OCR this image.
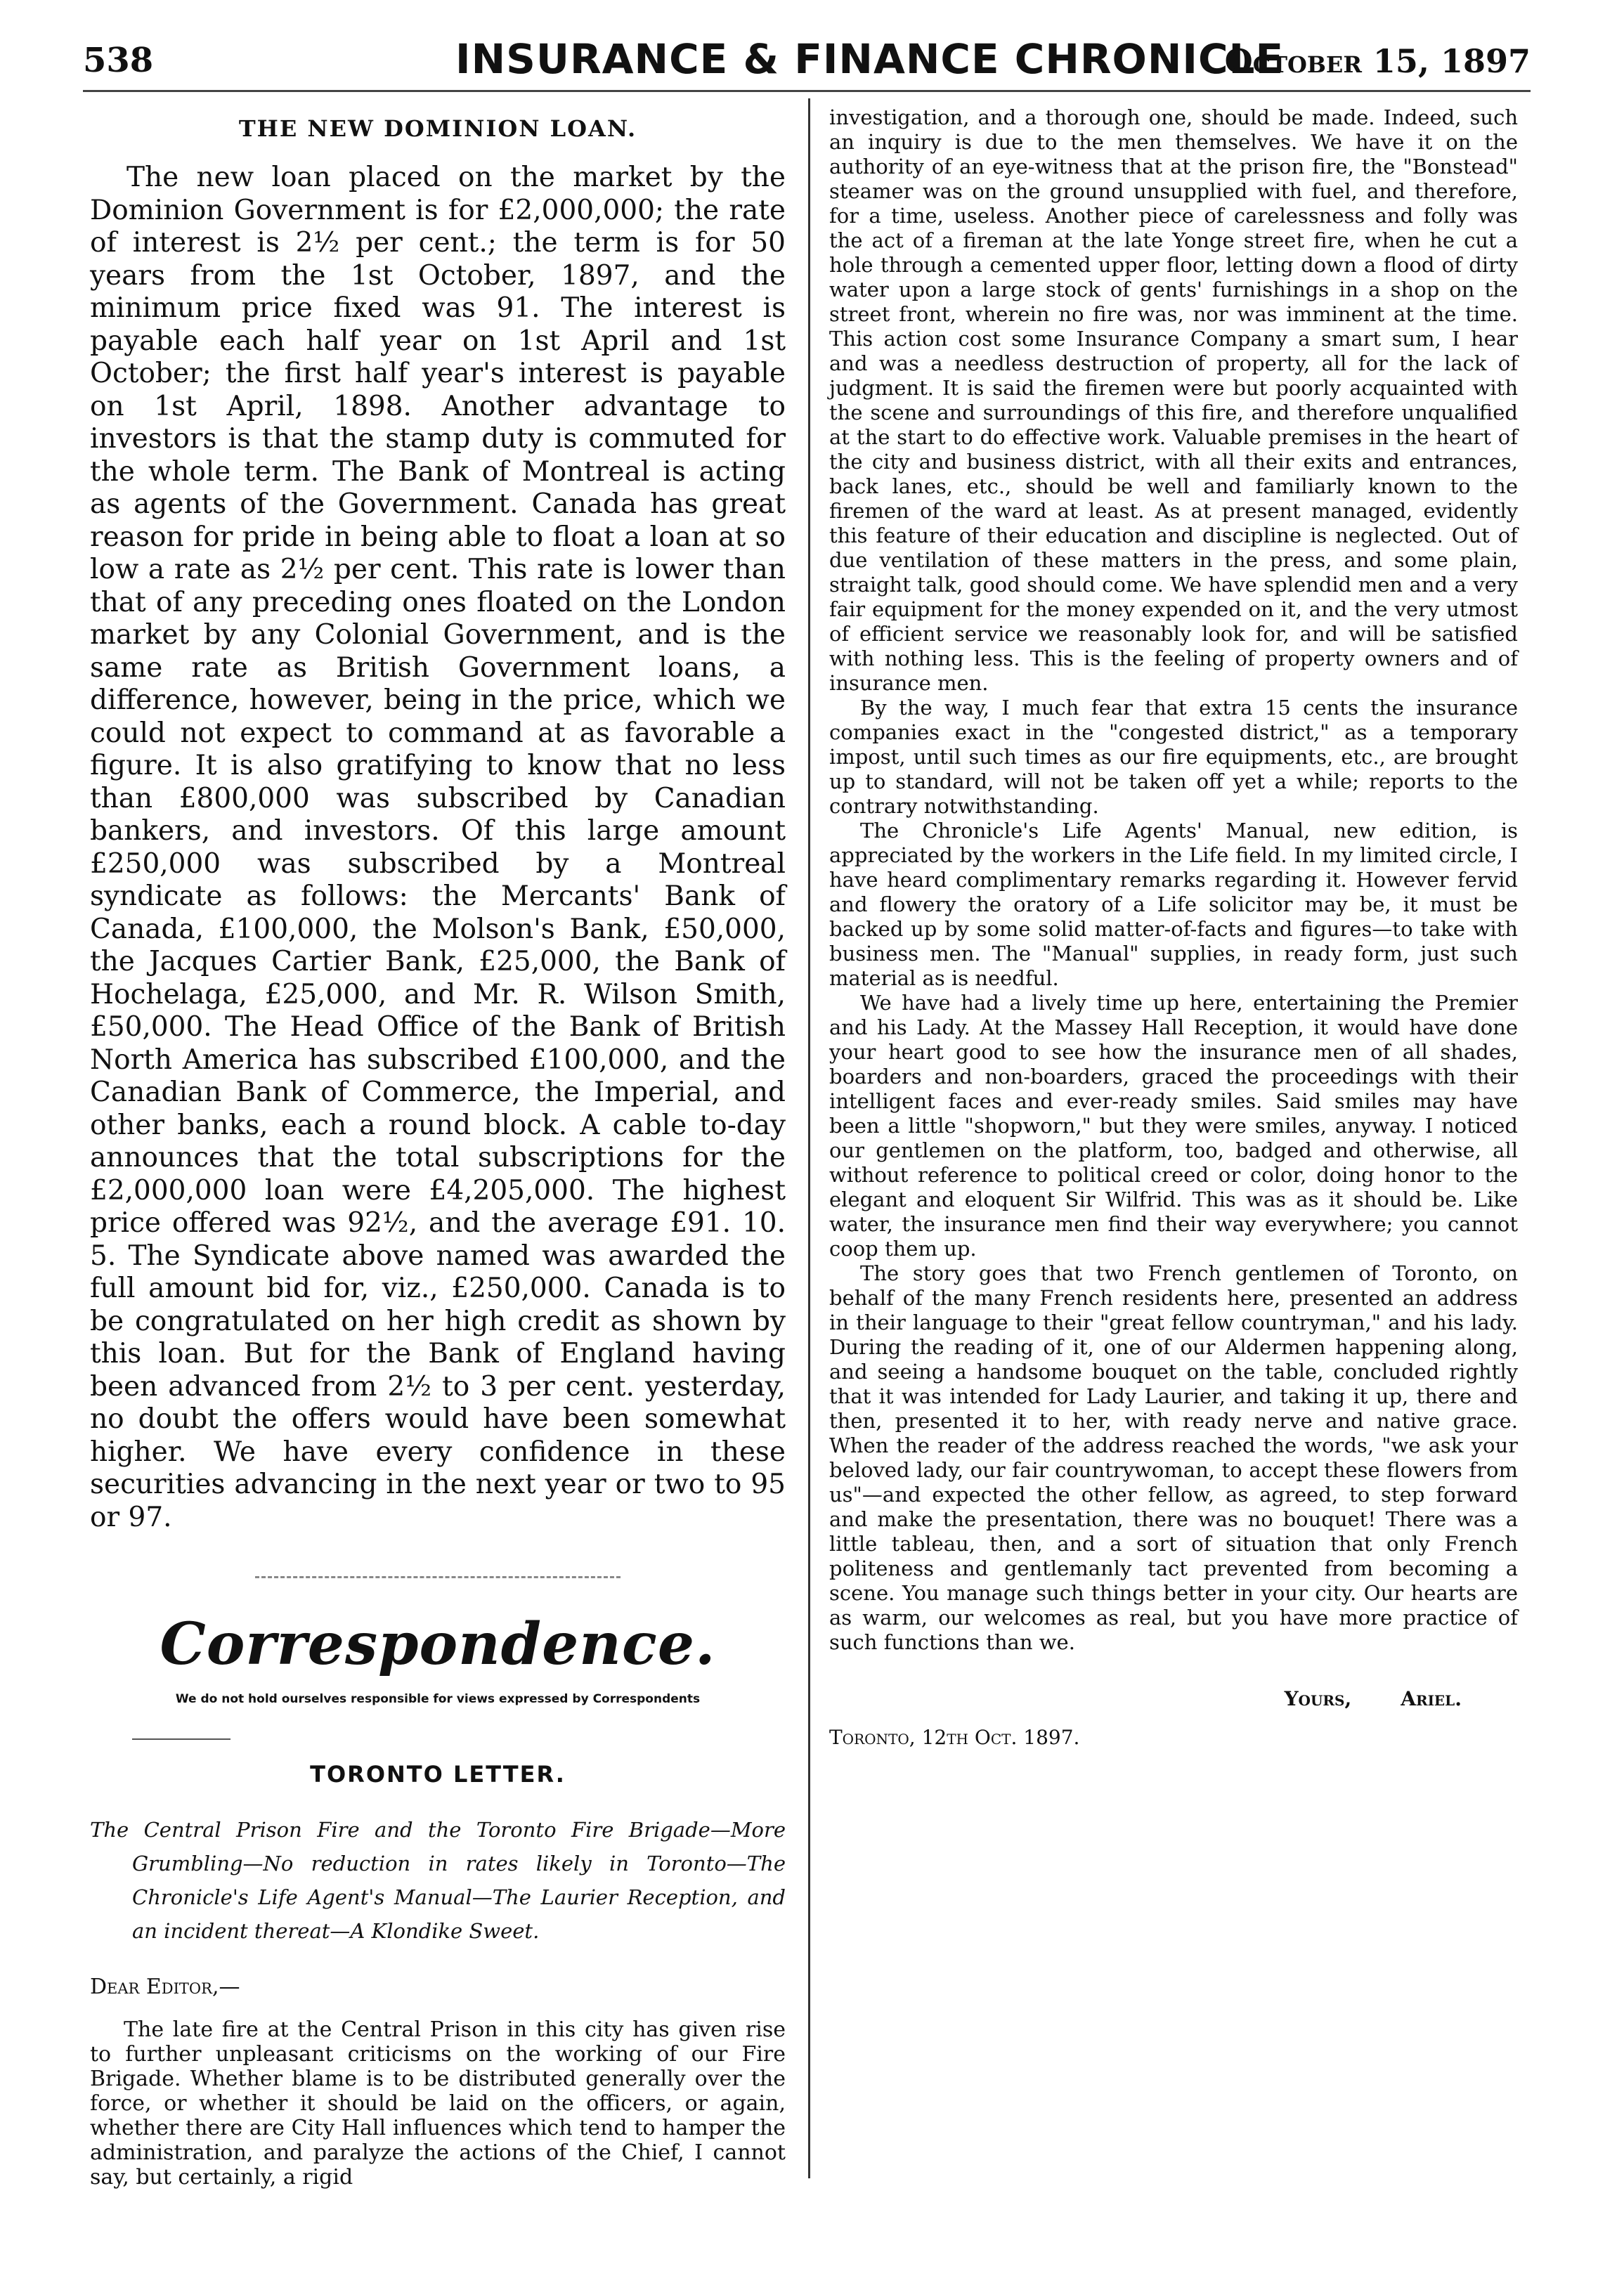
538	INSURANCE & FINANCE CHRONICLE
October 15, 1897
THE NEW DOMINION LOAN.

The new loan placed on the market by the Dominion Government is for £2,000,000; the rate of interest is 2½ per cent.; the term is for 50 years from the 1st October, 1897, and the minimum price fixed was 91. The interest is payable each half year on 1st April and 1st October; the first half year's interest is payable on 1st April, 1898. Another advantage to investors is that the stamp duty is commuted for the whole term. The Bank of Montreal is acting as agents of the Government. Canada has great reason for pride in being able to float a loan at so low a rate as 2½ per cent. This rate is lower than that of any preceding ones floated on the London market by any Colonial Government, and is the same rate as British Government loans, a difference, however, being in the price, which we could not expect to command at as favorable a figure. It is also gratifying to know that no less than £800,000 was subscribed by Canadian bankers, and investors. Of this large amount £250,000 was subscribed by a Montreal syndicate as follows: the Mercants' Bank of Canada, £100,000, the Molson's Bank, £50,000, the Jacques Cartier Bank, £25,000, the Bank of Hochelaga, £25,000, and Mr. R. Wilson Smith, £50,000. The Head Office of the Bank of British North America has subscribed £100,000, and the Canadian Bank of Commerce, the Imperial, and other banks, each a round block. A cable to-day announces that the total subscriptions for the £2,000,000 loan were £4,205,000. The highest price offered was 92½, and the average £91. 10. 5. The Syndicate above named was awarded the full amount bid for, viz., £250,000. Canada is to be congratulated on her high credit as shown by this loan. But for the Bank of England having been advanced from 2½ to 3 per cent. yesterday, no doubt the offers would have been somewhat higher. We have every confidence in these securities advancing in the next year or two to 95 or 97.

Correspondence.
We do not hold ourselves responsible for views expressed by Correspondents
TORONTO LETTER.

The Central Prison Fire and the Toronto Fire Brigade—More Grumbling—No reduction in rates likely in Toronto—The Chronicle's Life Agent's Manual—The Laurier Reception, and an incident thereat—A Klondike Sweet.

Dear Editor,—

The late fire at the Central Prison in this city has given rise to further unpleasant criticisms on the working of our Fire Brigade. Whether blame is to be distributed generally over the force, or whether it should be laid on the officers, or again, whether there are City Hall influences which tend to hamper the administration, and paralyze the actions of the Chief, I cannot say, but certainly, a rigid

investigation, and a thorough one, should be made. Indeed, such an inquiry is due to the men themselves. We have it on the authority of an eye-witness that at the prison fire, the "Bonstead" steamer was on the ground unsupplied with fuel, and therefore, for a time, useless. Another piece of carelessness and folly was the act of a fireman at the late Yonge street fire, when he cut a hole through a cemented upper floor, letting down a flood of dirty water upon a large stock of gents' furnishings in a shop on the street front, wherein no fire was, nor was imminent at the time. This action cost some Insurance Company a smart sum, I hear and was a needless destruction of property, all for the lack of judgment. It is said the firemen were but poorly acquainted with the scene and surroundings of this fire, and therefore unqualified at the start to do effective work. Valuable premises in the heart of the city and business district, with all their exits and entrances, back lanes, etc., should be well and familiarly known to the firemen of the ward at least. As at present managed, evidently this feature of their education and discipline is neglected. Out of due ventilation of these matters in the press, and some plain, straight talk, good should come. We have splendid men and a very fair equipment for the money expended on it, and the very utmost of efficient service we reasonably look for, and will be satisfied with nothing less. This is the feeling of property owners and of insurance men.

By the way, I much fear that extra 15 cents the insurance companies exact in the "congested district," as a temporary impost, until such times as our fire equipments, etc., are brought up to standard, will not be taken off yet a while; reports to the contrary notwithstanding.

The Chronicle's Life Agents' Manual, new edition, is appreciated by the workers in the Life field. In my limited circle, I have heard complimentary remarks regarding it. However fervid and flowery the oratory of a Life solicitor may be, it must be backed up by some solid matter-of-facts and figures—to take with business men. The "Manual" supplies, in ready form, just such material as is needful.

We have had a lively time up here, entertaining the Premier and his Lady. At the Massey Hall Reception, it would have done your heart good to see how the insurance men of all shades, boarders and non-boarders, graced the proceedings with their intelligent faces and ever-ready smiles. Said smiles may have been a little "shopworn," but they were smiles, anyway. I noticed our gentlemen on the platform, too, badged and otherwise, all without reference to political creed or color, doing honor to the elegant and eloquent Sir Wilfrid. This was as it should be. Like water, the insurance men find their way everywhere; you cannot coop them up.

The story goes that two French gentlemen of Toronto, on behalf of the many French residents here, presented an address in their language to their "great fellow countryman," and his lady. During the reading of it, one of our Aldermen happening along, and seeing a handsome bouquet on the table, concluded rightly that it was intended for Lady Laurier, and taking it up, there and then, presented it to her, with ready nerve and native grace. When the reader of the address reached the words, "we ask your beloved lady, our fair countrywoman, to accept these flowers from us"—and expected the other fellow, as agreed, to step forward and make the presentation, there was no bouquet! There was a little tableau, then, and a sort of situation that only French politeness and gentlemanly tact prevented from becoming a scene. You manage such things better in your city. Our hearts are as warm, our welcomes as real, but you have more practice of such functions than we.

Yours,	Ariel.
Toronto, 12th Oct. 1897.
